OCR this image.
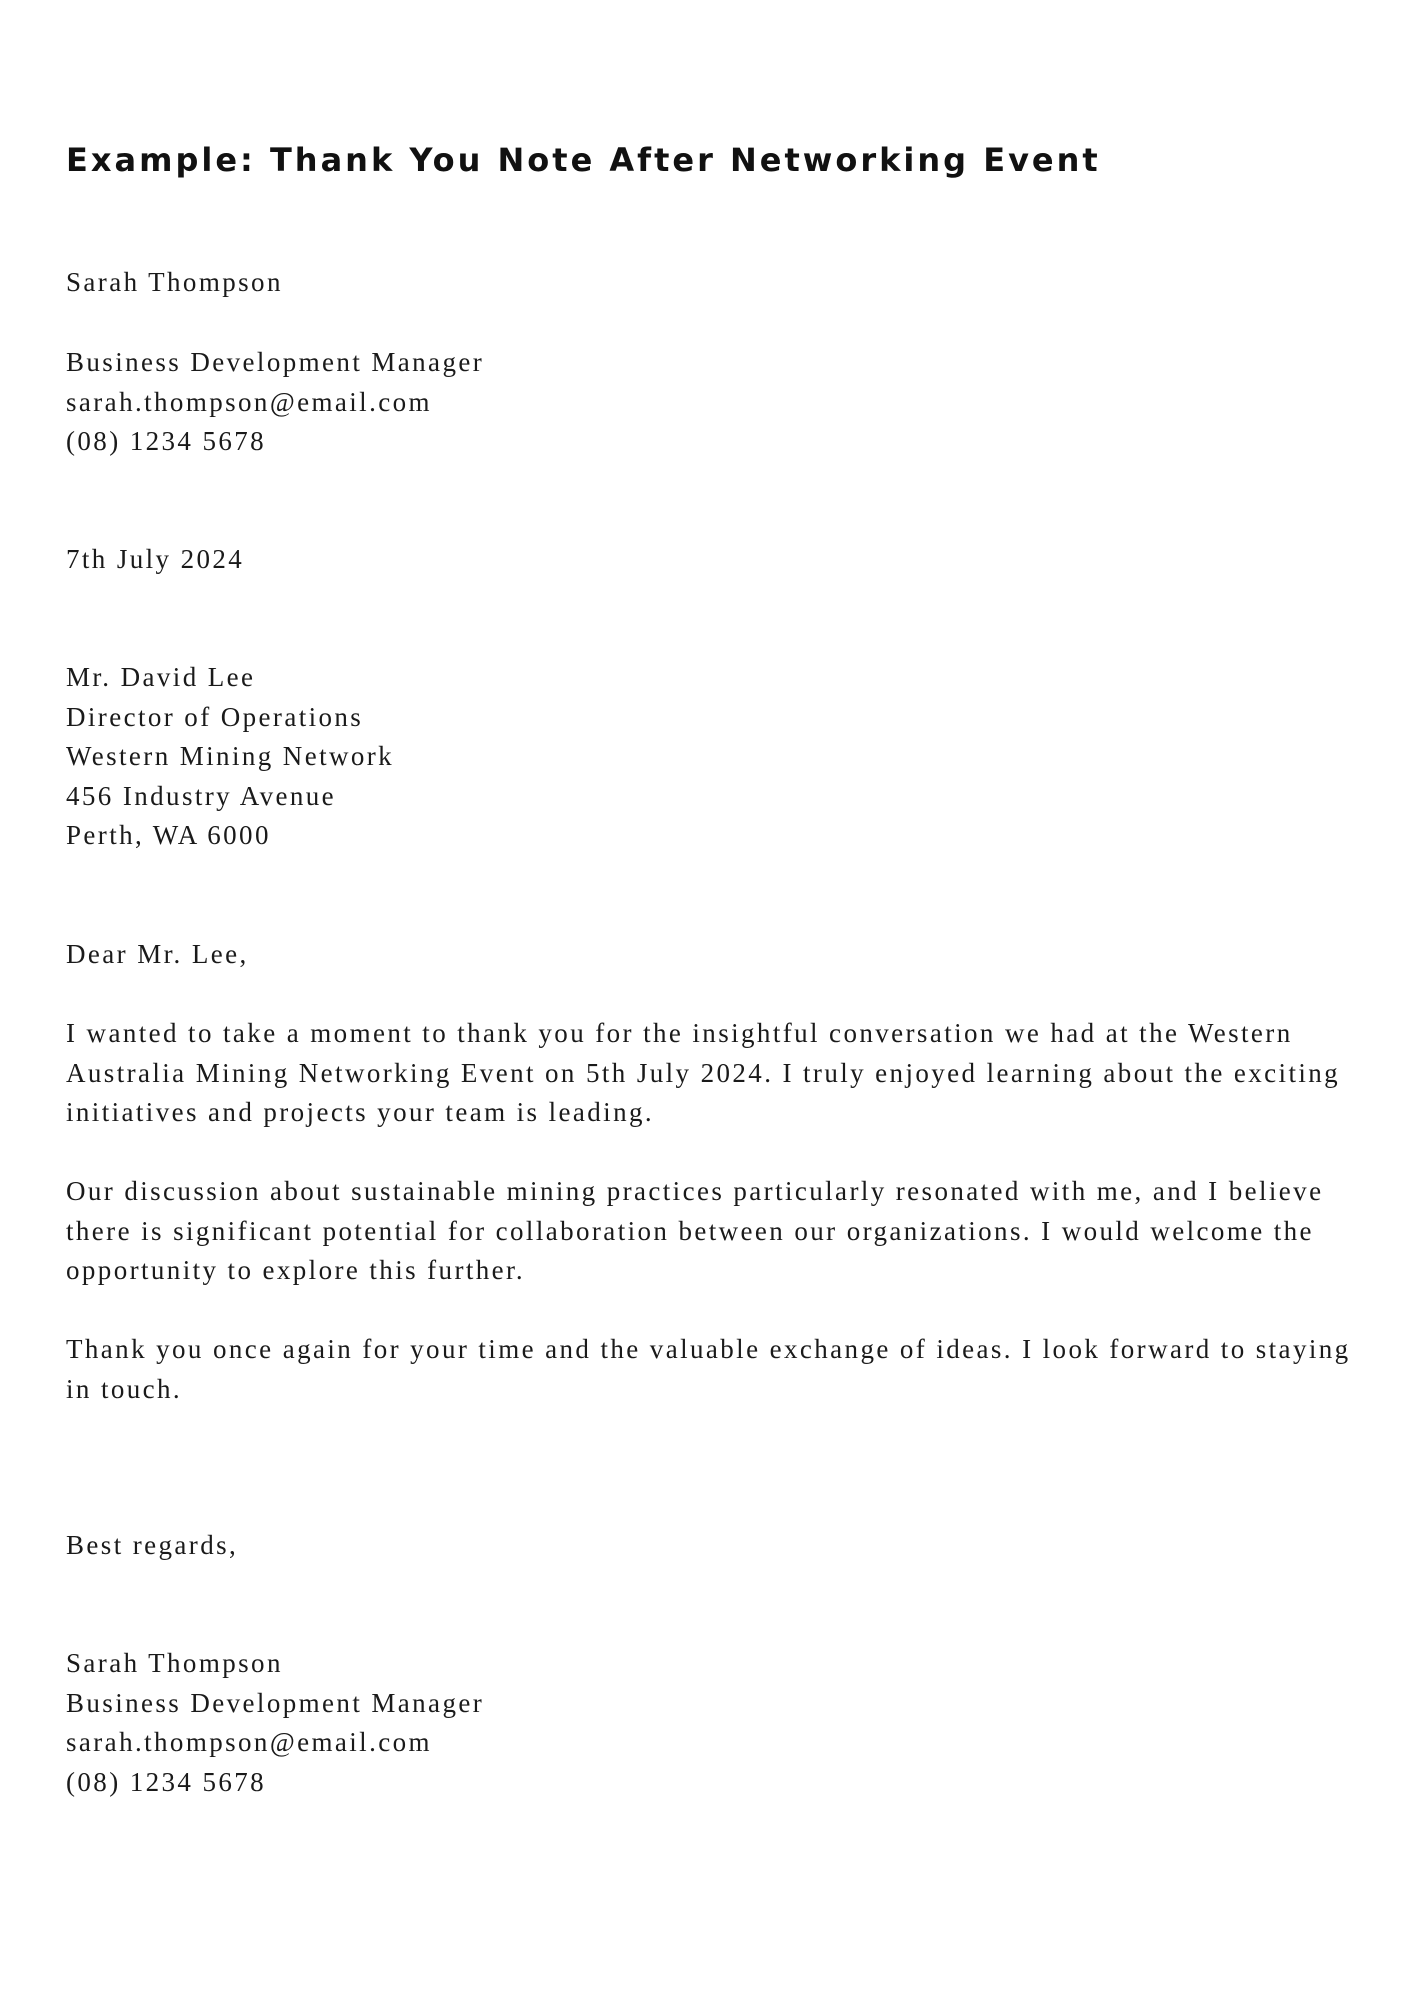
Example: Thank You Note After Networking Event
Sarah Thompson
Business Development Manager
sarah.thompson@email.com
(08) 1234 5678
7th July 2024
Mr. David Lee
Director of Operations
Western Mining Network
456 Industry Avenue
Perth, WA 6000
Dear Mr. Lee,

I wanted to take a moment to thank you for the insightful conversation we had at the Western Australia Mining Networking Event on 5th July 2024. I truly enjoyed learning about the exciting initiatives and projects your team is leading.

Our discussion about sustainable mining practices particularly resonated with me, and I believe there is significant potential for collaboration between our organizations. I would welcome the opportunity to explore this further.

Thank you once again for your time and the valuable exchange of ideas. I look forward to staying in touch.

Best regards,
Sarah Thompson
Business Development Manager
sarah.thompson@email.com
(08) 1234 5678
